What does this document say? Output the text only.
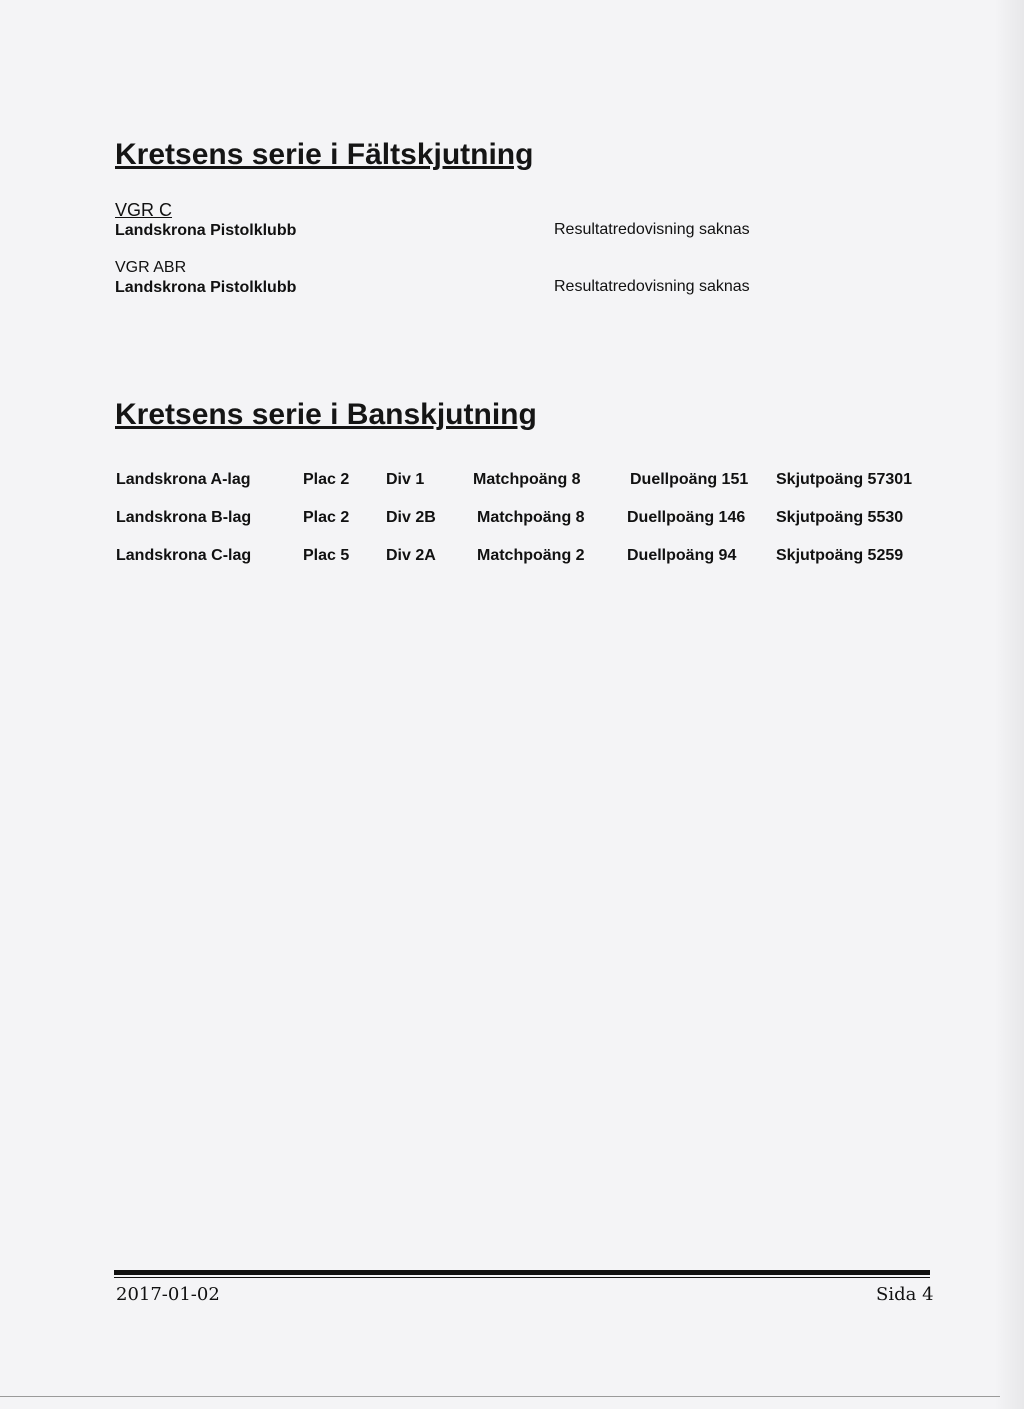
Kretsens serie i Fältskjutning
VGR C
Landskrona Pistolklubb	Resultatredovisning saknas
VGR ABR
Landskrona Pistolklubb	Resultatredovisning saknas
Kretsens serie i Banskjutning
Landskrona A-lag	Plac 2 Div 1	Matchpoäng 8	Duellpoäng 151 Skjutpoäng 57301
Landskrona B-lag	Plac 2 Div 2B	Matchpoäng 8	Duellpoäng 146 Skjutpoäng 5530
Landskrona C-lag	Plac 5 Div 2A	Matchpoäng 2	Duellpoäng 94 Skjutpoäng 5259
2017-01-02	Sida 4
